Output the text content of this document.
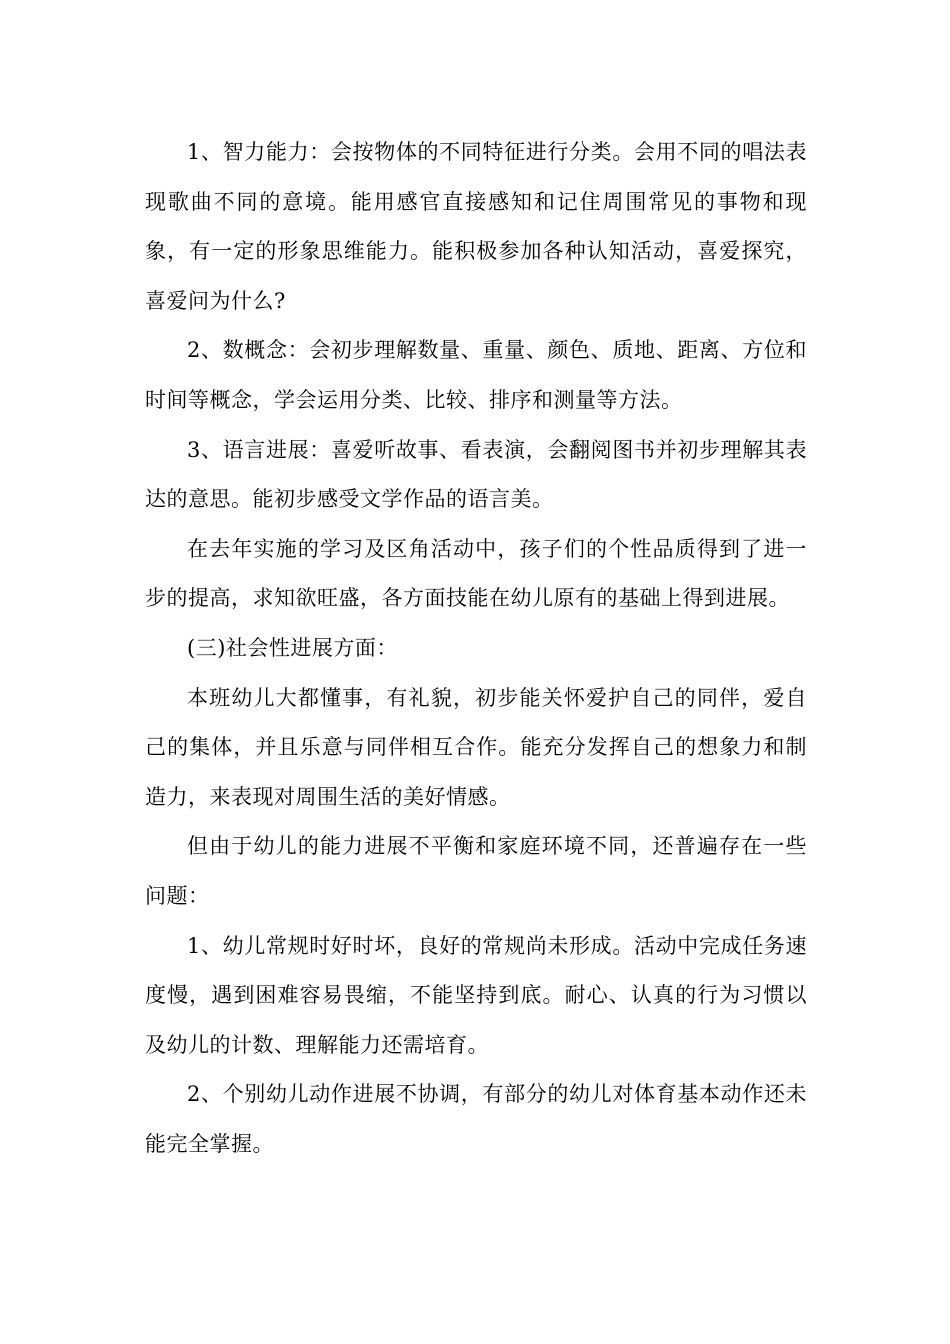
1、智力能力：会按物体的不同特征进行分类。会用不同的唱法表现歌曲不同的意境。能用感官直接感知和记住周围常见的事物和现象，有一定的形象思维能力。能积极参加各种认知活动，喜爱探究，喜爱问为什么?

2、数概念：会初步理解数量、重量、颜色、质地、距离、方位和时间等概念，学会运用分类、比较、排序和测量等方法。

3、语言进展：喜爱听故事、看表演，会翻阅图书并初步理解其表达的意思。能初步感受文学作品的语言美。

在去年实施的学习及区角活动中，孩子们的个性品质得到了进一步的提高，求知欲旺盛，各方面技能在幼儿原有的基础上得到进展。

(三)社会性进展方面：

本班幼儿大都懂事，有礼貌，初步能关怀爱护自己的同伴，爱自己的集体，并且乐意与同伴相互合作。能充分发挥自己的想象力和制造力，来表现对周围生活的美好情感。

但由于幼儿的能力进展不平衡和家庭环境不同，还普遍存在一些问题：

1、幼儿常规时好时坏，良好的常规尚未形成。活动中完成任务速度慢，遇到困难容易畏缩，不能坚持到底。耐心、认真的行为习惯以及幼儿的计数、理解能力还需培育。

2、个别幼儿动作进展不协调，有部分的幼儿对体育基本动作还未能完全掌握。
